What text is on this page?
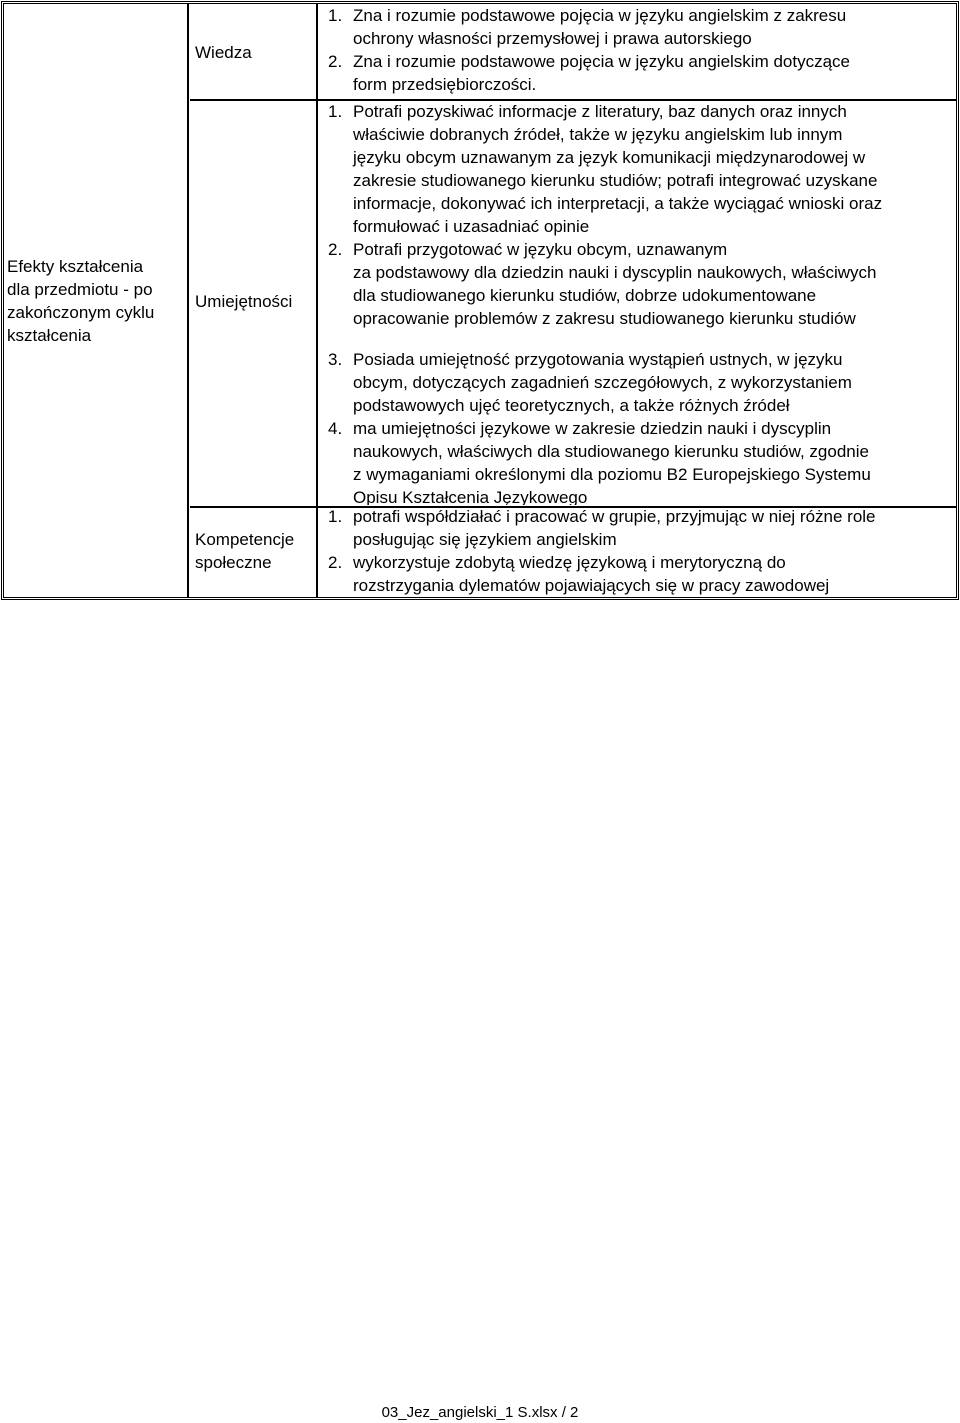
Efekty kształcenia
dla przedmiotu - po
zakończonym cyklu
kształcenia
Wiedza
Umiejętności
Kompetencje
społeczne
1. Zna i rozumie podstawowe pojęcia w języku angielskim z zakresu
ochrony własności przemysłowej i prawa autorskiego
2. Zna i rozumie podstawowe pojęcia w języku angielskim dotyczące
form przedsiębiorczości.
1. Potrafi pozyskiwać informacje z literatury, baz danych oraz innych
właściwie dobranych źródeł, także w języku angielskim lub innym
języku obcym uznawanym za język komunikacji międzynarodowej w
zakresie studiowanego kierunku studiów; potrafi integrować uzyskane
informacje, dokonywać ich interpretacji, a także wyciągać wnioski oraz
formułować i uzasadniać opinie
2. Potrafi przygotować w języku obcym, uznawanym
za podstawowy dla dziedzin nauki i dyscyplin naukowych, właściwych
dla studiowanego kierunku studiów, dobrze udokumentowane
opracowanie problemów z zakresu studiowanego kierunku studiów
3. Posiada umiejętność przygotowania wystąpień ustnych, w języku
obcym, dotyczących zagadnień szczegółowych, z wykorzystaniem
podstawowych ujęć teoretycznych, a także różnych źródeł
4. ma umiejętności językowe w zakresie dziedzin nauki i dyscyplin
naukowych, właściwych dla studiowanego kierunku studiów, zgodnie
z wymaganiami określonymi dla poziomu B2 Europejskiego Systemu
Opisu Kształcenia Językowego
1. potrafi współdziałać i pracować w grupie, przyjmując w niej różne role
posługując się językiem angielskim
2. wykorzystuje zdobytą wiedzę językową i merytoryczną do
rozstrzygania dylematów pojawiających się w pracy zawodowej
03_Jez_angielski_1 S.xlsx / 2
